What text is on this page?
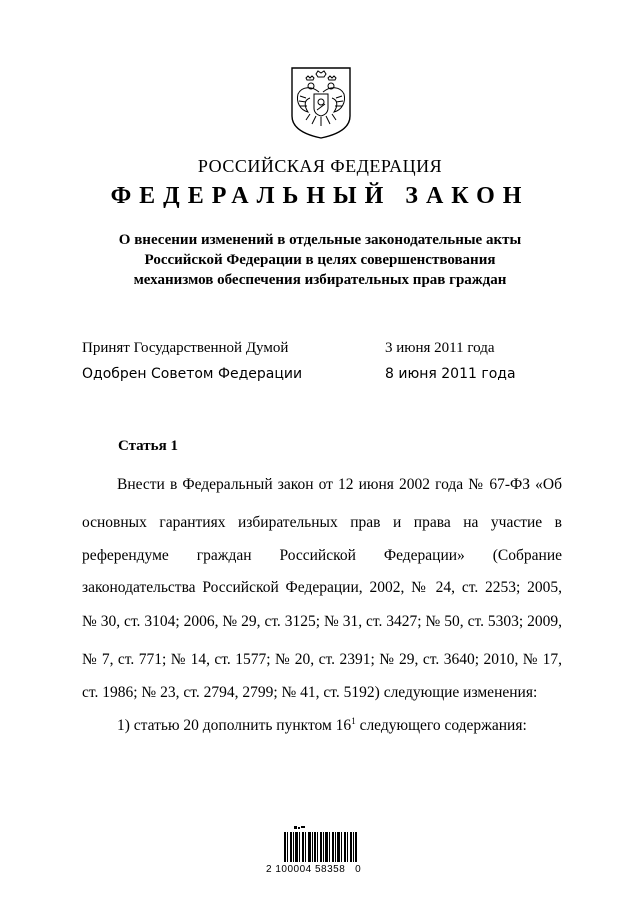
РОССИЙСКАЯ ФЕДЕРАЦИЯ
ФЕДЕРАЛЬНЫЙ ЗАКОН
О внесении изменений в отдельные законодательные акты
Российской Федерации в целях совершенствования
механизмов обеспечения избирательных прав граждан
Принят Государственной Думой	3 июня 2011 года
Одобрен Советом Федерации	8 июня 2011 года
Статья 1
Внести в Федеральный закон от 12 июня 2002 года № 67-ФЗ «Об
основных гарантиях избирательных прав и права на участие в
референдуме граждан Российской Федерации» (Собрание
законодательства Российской Федерации, 2002, № 24, ст. 2253; 2005,
№ 30, ст. 3104; 2006, № 29, ст. 3125; № 31, ст. 3427; № 50, ст. 5303; 2009,
№ 7, ст. 771; № 14, ст. 1577; № 20, ст. 2391; № 29, ст. 3640; 2010, № 17,
ст. 1986; № 23, ст. 2794, 2799; № 41, ст. 5192) следующие изменения:
1) статью 20 дополнить пунктом $16^1$ следующего содержания:
2 100004 58358   0
